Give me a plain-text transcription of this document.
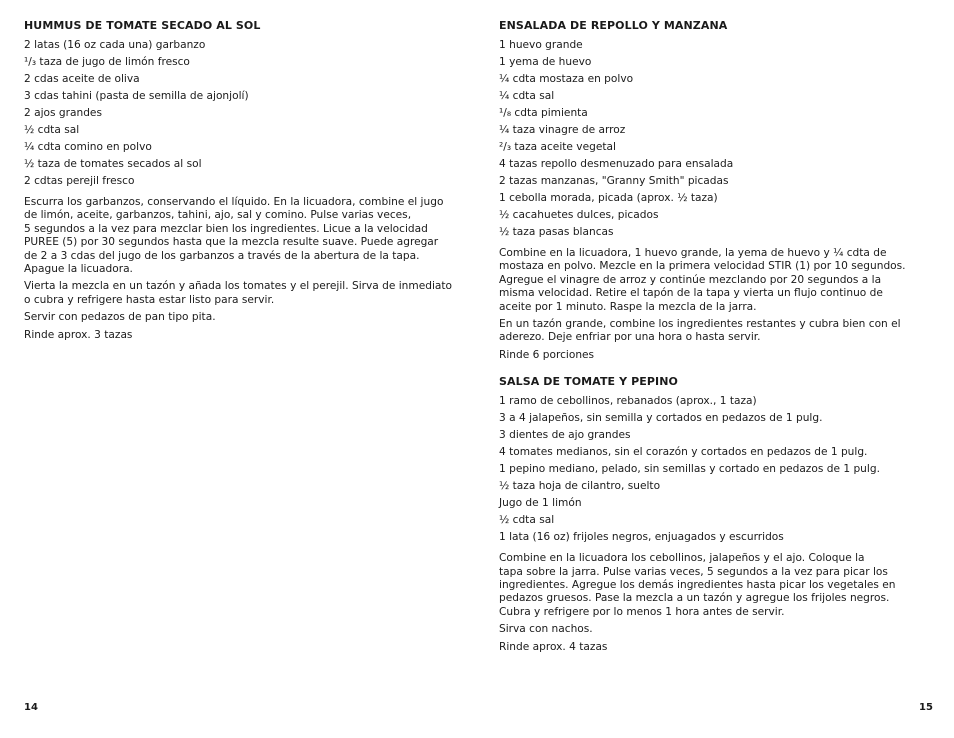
HUMMUS DE TOMATE SECADO AL SOL
2 latas (16 oz cada una) garbanzo
¹/₃ taza de jugo de limón fresco
2 cdas aceite de oliva
3 cdas tahini (pasta de semilla de ajonjolí)
2 ajos grandes
½ cdta sal
¼ cdta comino en polvo
½ taza de tomates secados al sol
2 cdtas perejil fresco

Escurra los garbanzos, conservando el líquido. En la licuadora, combine el jugo
de limón, aceite, garbanzos, tahini, ajo, sal y comino. Pulse varias veces,
5 segundos a la vez para mezclar bien los ingredientes. Licue a la velocidad
PUREE (5) por 30 segundos hasta que la mezcla resulte suave. Puede agregar
de 2 a 3 cdas del jugo de los garbanzos a través de la abertura de la tapa.
Apague la licuadora.

Vierta la mezcla en un tazón y añada los tomates y el perejil. Sirva de inmediato
o cubra y refrigere hasta estar listo para servir.

Servir con pedazos de pan tipo pita.

Rinde aprox. 3 tazas

ENSALADA DE REPOLLO Y MANZANA
1 huevo grande
1 yema de huevo
¼ cdta mostaza en polvo
¼ cdta sal
¹/₈ cdta pimienta
¼ taza vinagre de arroz
²/₃ taza aceite vegetal
4 tazas repollo desmenuzado para ensalada
2 tazas manzanas, "Granny Smith" picadas
1 cebolla morada, picada (aprox. ½ taza)
½ cacahuetes dulces, picados
½ taza pasas blancas

Combine en la licuadora, 1 huevo grande, la yema de huevo y ¼ cdta de
mostaza en polvo. Mezcle en la primera velocidad STIR (1) por 10 segundos.
Agregue el vinagre de arroz y continúe mezclando por 20 segundos a la
misma velocidad. Retire el tapón de la tapa y vierta un flujo continuo de
aceite por 1 minuto. Raspe la mezcla de la jarra.

En un tazón grande, combine los ingredientes restantes y cubra bien con el
aderezo. Deje enfriar por una hora o hasta servir.

Rinde 6 porciones

SALSA DE TOMATE Y PEPINO
1 ramo de cebollinos, rebanados (aprox., 1 taza)
3 a 4 jalapeños, sin semilla y cortados en pedazos de 1 pulg.
3 dientes de ajo grandes
4 tomates medianos, sin el corazón y cortados en pedazos de 1 pulg.
1 pepino mediano, pelado, sin semillas y cortado en pedazos de 1 pulg.
½ taza hoja de cilantro, suelto
Jugo de 1 limón
½ cdta sal
1 lata (16 oz) frijoles negros, enjuagados y escurridos

Combine en la licuadora los cebollinos, jalapeños y el ajo. Coloque la
tapa sobre la jarra. Pulse varias veces, 5 segundos a la vez para picar los
ingredientes. Agregue los demás ingredientes hasta picar los vegetales en
pedazos gruesos. Pase la mezcla a un tazón y agregue los frijoles negros.
Cubra y refrigere por lo menos 1 hora antes de servir.

Sirva con nachos.

Rinde aprox. 4 tazas

14	15
